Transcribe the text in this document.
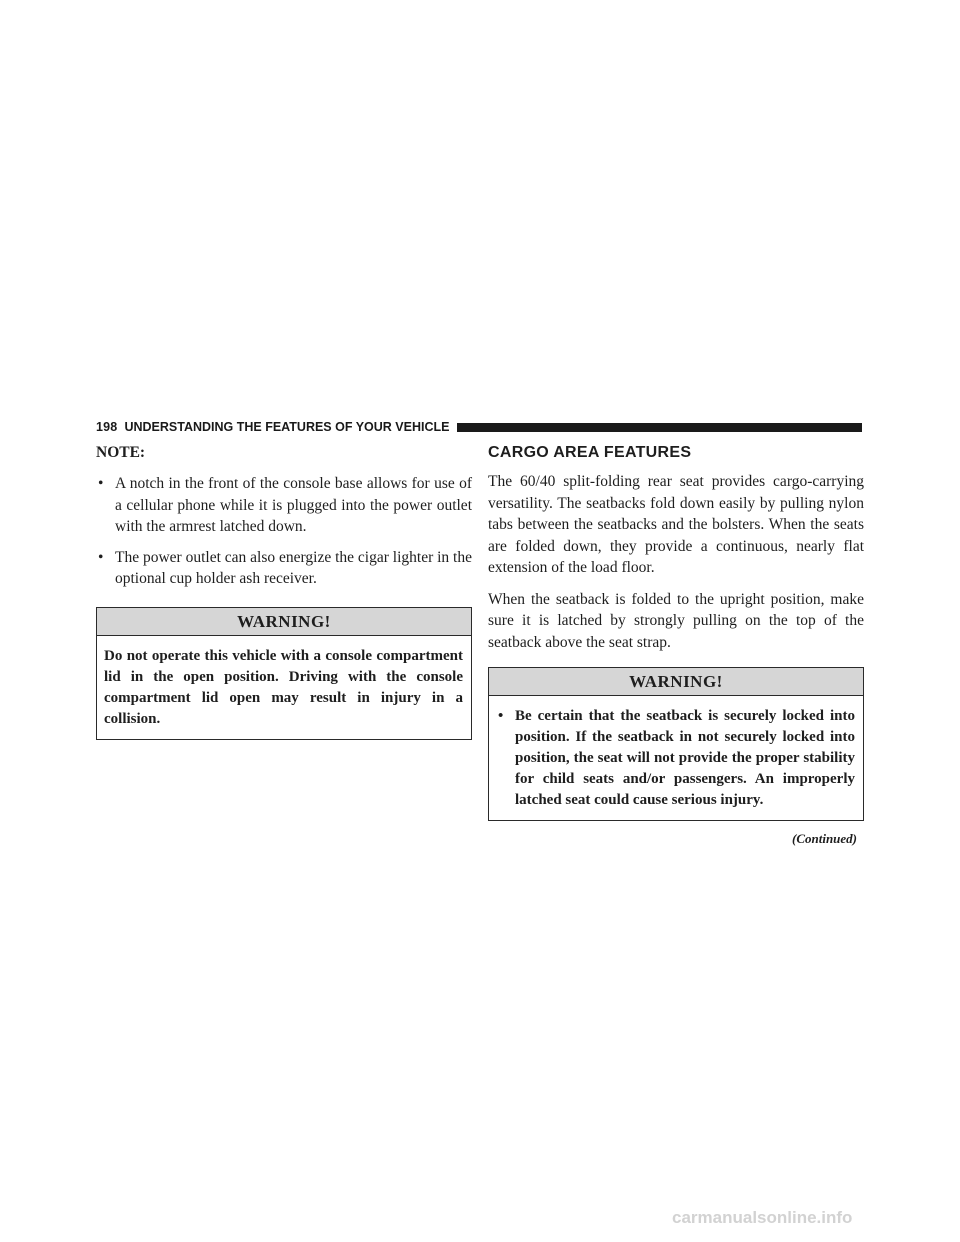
198 UNDERSTANDING THE FEATURES OF YOUR VEHICLE
NOTE:
• A notch in the front of the console base allows for use of a cellular phone while it is plugged into the power outlet with the armrest latched down.
• The power outlet can also energize the cigar lighter in the optional cup holder ash receiver.
WARNING!
Do not operate this vehicle with a console compartment lid in the open position. Driving with the console compartment lid open may result in injury in a collision.
CARGO AREA FEATURES

The 60/40 split-folding rear seat provides cargo-carrying versatility. The seatbacks fold down easily by pulling nylon tabs between the seatbacks and the bolsters. When the seats are folded down, they provide a continuous, nearly flat extension of the load floor.

When the seatback is folded to the upright position, make sure it is latched by strongly pulling on the top of the seatback above the seat strap.

WARNING!
• Be certain that the seatback is securely locked into position. If the seatback in not securely locked into position, the seat will not provide the proper stability for child seats and/or passengers. An improperly latched seat could cause serious injury.
(Continued)
carmanualsonline.info
